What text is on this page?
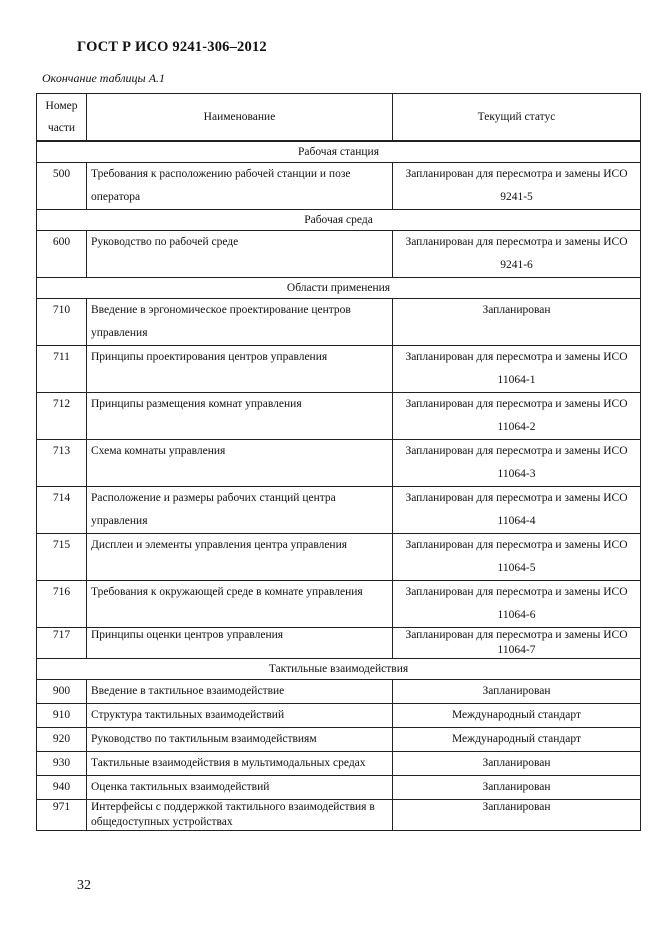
ГОСТ Р ИСО 9241-306–2012
Окончание таблицы А.1
Номер части	Наименование	Текущий статус
Рабочая станция		
500	Требования к расположению рабочей станции и позе оператора	Запланирован для пересмотра и замены ИСО 9241-5
Рабочая среда		
600	Руководство по рабочей среде	Запланирован для пересмотра и замены ИСО 9241-6
Области применения		
710	Введение в эргономическое проектирование центров управления	Запланирован
711	Принципы проектирования центров управления	Запланирован для пересмотра и замены ИСО 11064-1
712	Принципы размещения комнат управления	Запланирован для пересмотра и замены ИСО 11064-2
713	Схема комнаты управления	Запланирован для пересмотра и замены ИСО 11064-3
714	Расположение и размеры рабочих станций центра управления	Запланирован для пересмотра и замены ИСО 11064-4
715	Дисплеи и элементы управления центра управления	Запланирован для пересмотра и замены ИСО 11064-5
716	Требования к окружающей среде в комнате управления	Запланирован для пересмотра и замены ИСО 11064-6
717	Принципы оценки центров управления	Запланирован для пересмотра и замены ИСО 11064-7
Тактильные взаимодействия		
900	Введение в тактильное взаимодействие	Запланирован
910	Структура тактильных взаимодействий	Международный стандарт
920	Руководство по тактильным взаимодействиям	Международный стандарт
930	Тактильные взаимодействия в мультимодальных средах	Запланирован
940	Оценка тактильных взаимодействий	Запланирован
971	Интерфейсы с поддержкой тактильного взаимодействия в общедоступных устройствах	Запланирован
32
